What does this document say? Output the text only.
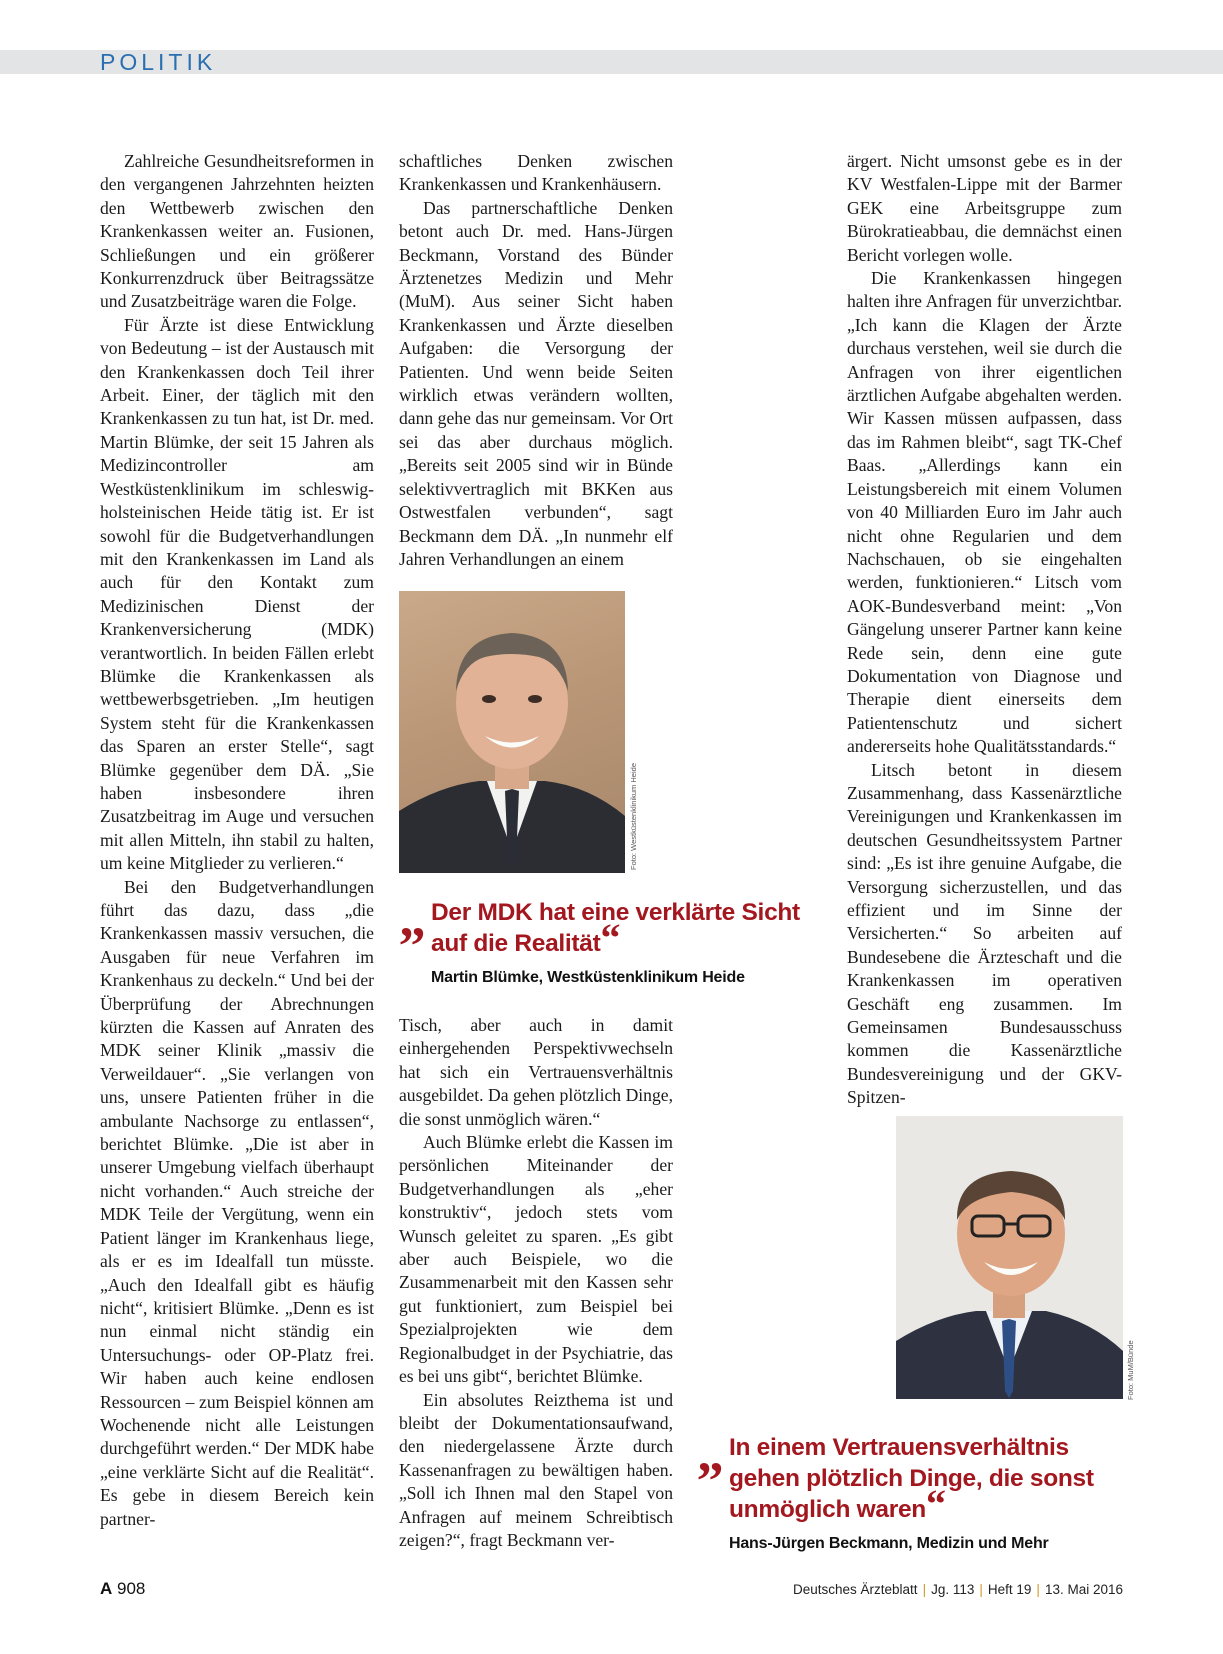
POLITIK

Zahlreiche Gesundheitsreformen in den vergangenen Jahrzehnten heizten den Wettbewerb zwischen den Krankenkassen weiter an. Fusionen, Schließungen und ein größerer Konkurrenzdruck über Beitragssätze und Zusatzbeiträge waren die Folge.

Für Ärzte ist diese Entwicklung von Bedeutung – ist der Austausch mit den Krankenkassen doch Teil ihrer Arbeit. Einer, der täglich mit den Krankenkassen zu tun hat, ist Dr. med. Martin Blümke, der seit 15 Jahren als Medizincontroller am Westküstenklinikum im schleswig-holsteinischen Heide tätig ist. Er ist sowohl für die Budgetverhandlungen mit den Krankenkassen im Land als auch für den Kontakt zum Medizinischen Dienst der Krankenversicherung (MDK) verantwortlich. In beiden Fällen erlebt Blümke die Krankenkassen als wettbewerbsgetrieben. „Im heutigen System steht für die Krankenkassen das Sparen an erster Stelle“, sagt Blümke gegenüber dem DÄ. „Sie haben insbesondere ihren Zusatzbeitrag im Auge und versuchen mit allen Mitteln, ihn stabil zu halten, um keine Mitglieder zu verlieren.“

Bei den Budgetverhandlungen führt das dazu, dass „die Krankenkassen massiv versuchen, die Ausgaben für neue Verfahren im Krankenhaus zu deckeln.“ Und bei der Überprüfung der Abrechnungen kürzten die Kassen auf Anraten des MDK seiner Klinik „massiv die Verweildauer“. „Sie verlangen von uns, unsere Patienten früher in die ambulante Nachsorge zu entlassen“, berichtet Blümke. „Die ist aber in unserer Umgebung vielfach überhaupt nicht vorhanden.“ Auch streiche der MDK Teile der Vergütung, wenn ein Patient länger im Krankenhaus liege, als er es im Idealfall tun müsste. „Auch den Idealfall gibt es häufig nicht“, kritisiert Blümke. „Denn es ist nun einmal nicht ständig ein Untersuchungs- oder OP-Platz frei. Wir haben auch keine endlosen Ressourcen – zum Beispiel können am Wochenende nicht alle Leistungen durchgeführt werden.“ Der MDK habe „eine verklärte Sicht auf die Realität“. Es gebe in diesem Bereich kein partner-

schaftliches Denken zwischen Krankenkassen und Krankenhäusern.

Das partnerschaftliche Denken betont auch Dr. med. Hans-Jürgen Beckmann, Vorstand des Bünder Ärztenetzes Medizin und Mehr (MuM). Aus seiner Sicht haben Krankenkassen und Ärzte dieselben Aufgaben: die Versorgung der Patienten. Und wenn beide Seiten wirklich etwas verändern wollten, dann gehe das nur gemeinsam. Vor Ort sei das aber durchaus möglich. „Bereits seit 2005 sind wir in Bünde selektivvertraglich mit BKKen aus Ostwestfalen verbunden“, sagt Beckmann dem DÄ. „In nunmehr elf Jahren Verhandlungen an einem

Foto: Westküstenklinikum Heide
„ Der MDK hat eine verklärte Sicht auf die Realität“
Martin Blümke, Westküstenklinikum Heide

Tisch, aber auch in damit einhergehenden Perspektivwechseln hat sich ein Vertrauensverhältnis ausgebildet. Da gehen plötzlich Dinge, die sonst unmöglich wären.“

Auch Blümke erlebt die Kassen im persönlichen Miteinander der Budgetverhandlungen als „eher konstruktiv“, jedoch stets vom Wunsch geleitet zu sparen. „Es gibt aber auch Beispiele, wo die Zusammenarbeit mit den Kassen sehr gut funktioniert, zum Beispiel bei Spezialprojekten wie dem Regionalbudget in der Psychiatrie, das es bei uns gibt“, berichtet Blümke.

Ein absolutes Reizthema ist und bleibt der Dokumentationsaufwand, den niedergelassene Ärzte durch Kassenanfragen zu bewältigen haben. „Soll ich Ihnen mal den Stapel von Anfragen auf meinem Schreibtisch zeigen?“, fragt Beckmann ver-

ärgert. Nicht umsonst gebe es in der KV Westfalen-Lippe mit der Barmer GEK eine Arbeitsgruppe zum Bürokratieabbau, die demnächst einen Bericht vorlegen wolle.

Die Krankenkassen hingegen halten ihre Anfragen für unverzichtbar. „Ich kann die Klagen der Ärzte durchaus verstehen, weil sie durch die Anfragen von ihrer eigentlichen ärztlichen Aufgabe abgehalten werden. Wir Kassen müssen aufpassen, dass das im Rahmen bleibt“, sagt TK-Chef Baas. „Allerdings kann ein Leistungsbereich mit einem Volumen von 40 Milliarden Euro im Jahr auch nicht ohne Regularien und dem Nachschauen, ob sie eingehalten werden, funktionieren.“ Litsch vom AOK-Bundesverband meint: „Von Gängelung unserer Partner kann keine Rede sein, denn eine gute Dokumentation von Diagnose und Therapie dient einerseits dem Patientenschutz und sichert andererseits hohe Qualitätsstandards.“

Litsch betont in diesem Zusammenhang, dass Kassenärztliche Vereinigungen und Krankenkassen im deutschen Gesundheitssystem Partner sind: „Es ist ihre genuine Aufgabe, die Versorgung sicherzustellen, und das effizient und im Sinne der Versicherten.“ So arbeiten auf Bundesebene die Ärzteschaft und die Krankenkassen im operativen Geschäft eng zusammen. Im Gemeinsamen Bundesausschuss kommen die Kassenärztliche Bundesvereinigung und der GKV-Spitzen-

Foto: MuM/Bünde
„ In einem Vertrauensverhältnis gehen plötzlich Dinge, die sonst unmöglich waren“
Hans-Jürgen Beckmann, Medizin und Mehr
A 908	Deutsches Ärzteblatt | Jg. 113 | Heft 19 | 13. Mai 2016
